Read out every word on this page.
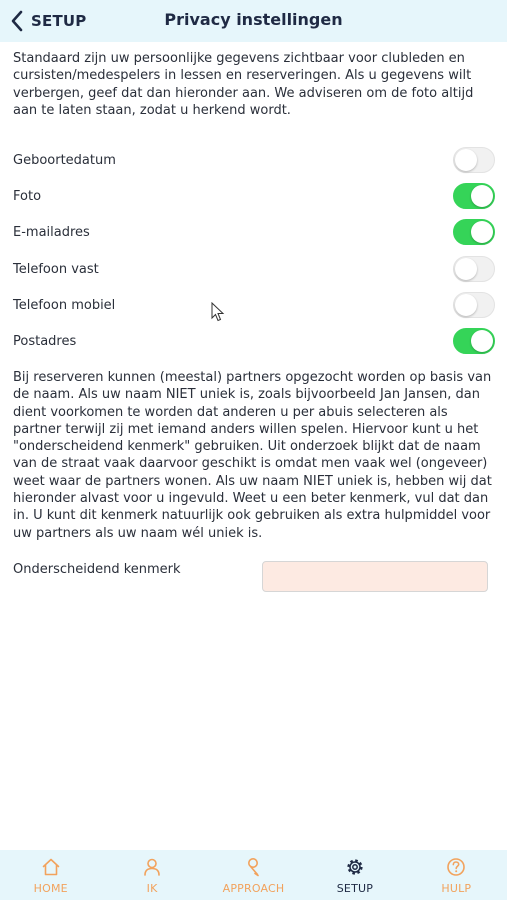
SETUP	Privacy instellingen

Standaard zijn uw persoonlijke gegevens zichtbaar voor clubleden en cursisten/medespelers in lessen en reserveringen. Als u gegevens wilt verbergen, geef dat dan hieronder aan. We adviseren om de foto altijd aan te laten staan, zodat u herkend wordt.

Geboortedatum
Foto
E-mailadres
Telefoon vast
Telefoon mobiel
Postadres

Bij reserveren kunnen (meestal) partners opgezocht worden op basis van de naam. Als uw naam NIET uniek is, zoals bijvoorbeeld Jan Jansen, dan dient voorkomen te worden dat anderen u per abuis selecteren als partner terwijl zij met iemand anders willen spelen. Hiervoor kunt u het "onderscheidend kenmerk" gebruiken. Uit onderzoek blijkt dat de naam van de straat vaak daarvoor geschikt is omdat men vaak wel (ongeveer) weet waar de partners wonen. Als uw naam NIET uniek is, hebben wij dat hieronder alvast voor u ingevuld. Weet u een beter kenmerk, vul dat dan in. U kunt dit kenmerk natuurlijk ook gebruiken als extra hulpmiddel voor uw partners als uw naam wél uniek is.

Onderscheidend kenmerk
HOME	IK	APPROACH	SETUP	HULP
